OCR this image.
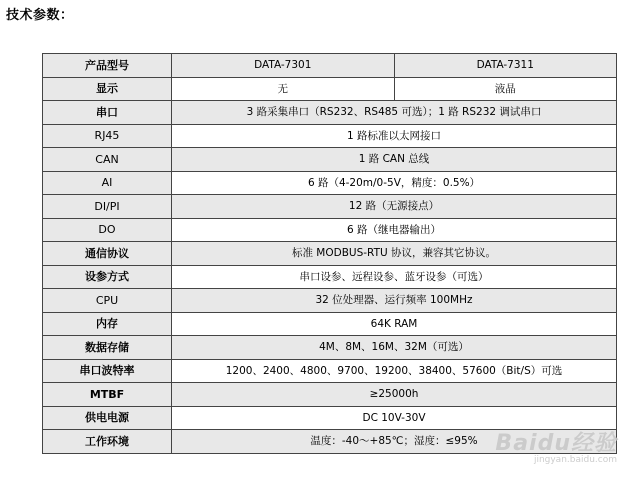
技术参数：
产品型号	DATA-7301	DATA-7311
显示	无	液晶
串口	3 路采集串口（RS232、RS485 可选）；1 路 RS232 调试串口	
RJ45	1 路标准以太网接口	
CAN	1 路 CAN 总线	
AI	6 路（4-20m/0-5V，精度：0.5%）	
DI/PI	12 路（无源接点）	
DO	6 路（继电器输出）	
通信协议	标准 MODBUS-RTU 协议，兼容其它协议。	
设参方式	串口设参、远程设参、蓝牙设参（可选）	
CPU	32 位处理器、运行频率 100MHz	
内存	64K RAM	
数据存储	4M、8M、16M、32M（可选）	
串口波特率	1200、2400、4800、9700、19200、38400、57600（Bit/S）可选	
MTBF	≥25000h	
供电电源	DC 10V-30V	
工作环境	温度：-40～+85℃；湿度：≤95%	Baidu经验
jingyan.baidu.com
